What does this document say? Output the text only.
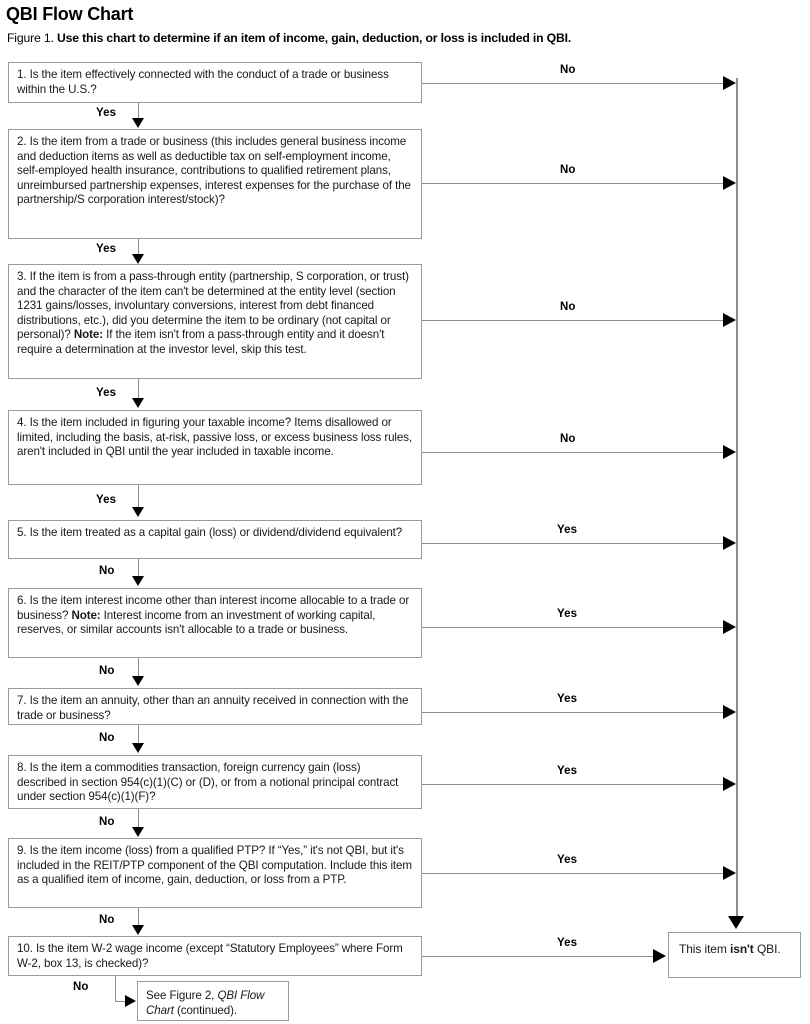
QBI Flow Chart
Figure 1. Use this chart to determine if an item of income, gain, deduction, or loss is included in QBI.
1. Is the item effectively connected with the conduct of a trade or business within the U.S.?
2. Is the item from a trade or business (this includes general business income and deduction items as well as deductible tax on self-employment income, self-employed health insurance, contributions to qualified retirement plans, unreimbursed partnership expenses, interest expenses for the purchase of the partnership/S corporation interest/stock)?
3. If the item is from a pass-through entity (partnership, S corporation, or trust) and the character of the item can't be determined at the entity level (section 1231 gains/losses, involuntary conversions, interest from debt financed distributions, etc.), did you determine the item to be ordinary (not capital or personal)? Note: If the item isn't from a pass-through entity and it doesn't require a determination at the investor level, skip this test.
4. Is the item included in figuring your taxable income? Items disallowed or limited, including the basis, at-risk, passive loss, or excess business loss rules, aren't included in QBI until the year included in taxable income.
5. Is the item treated as a capital gain (loss) or dividend/dividend equivalent?
6. Is the item interest income other than interest income allocable to a trade or business? Note: Interest income from an investment of working capital, reserves, or similar accounts isn't allocable to a trade or business.
7. Is the item an annuity, other than an annuity received in connection with the trade or business?
8. Is the item a commodities transaction, foreign currency gain (loss) described in section 954(c)(1)(C) or (D), or from a notional principal contract under section 954(c)(1)(F)?
9. Is the item income (loss) from a qualified PTP? If “Yes,” it's not QBI, but it's included in the REIT/PTP component of the QBI computation. Include this item as a qualified item of income, gain, deduction, or loss from a PTP.
10. Is the item W-2 wage income (except “Statutory Employees” where Form W-2, box 13, is checked)?
This item isn't QBI.
See Figure 2, QBI Flow
Chart (continued).
No
No
No
No
Yes
Yes
Yes
Yes
Yes
Yes
Yes
Yes
Yes
Yes
No
No
No
No
No
No
